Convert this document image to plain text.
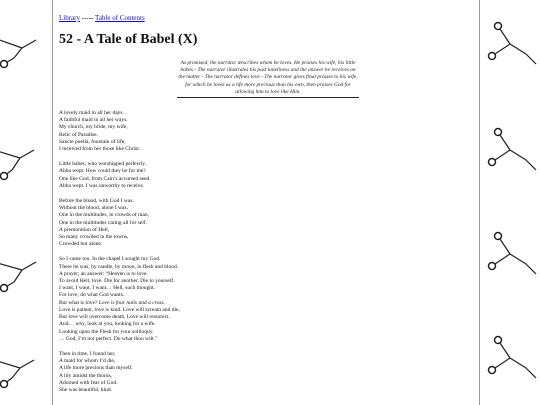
Library ----- Table of Contents
52 - A Tale of Babel (X)
As promised, the narrator describes whom he loves. He praises his wife, his little babes - The narrator illustrates his past loneliness and the answer he receives on the matter - The narrator defines love - The narrator gives final praises to his wife, for which he loves as a life more precious than his own, then praises God for allowing him to love like Him.
A lovely maid in all her days.
A faithful maid in all her ways.
My church, my bride, my wife,
Relic of Paradise.
Sancte puella, fountain of life,
I received from her those like Christ.
Little babes, who worshipped perfectly.
Abba wept. How could they be for me?
One like God, from Cain’s accursed seed.
Abba wept. I was unworthy to receive.
Before the blood, with God I was.
Without the blood, alone I was.
One in the multitudes, in crowds of man,
One in the multitudes caring all for self.
A premonition of Hell,
So many crowded in the towns,
Crowded but alone.
So I came too. In the chapel I sought my God.
There he was, by candle, by moon, in flesh and blood.
A prayer, an answer: “Heaven is to love.
To avoid Hell, love. Die for another. Die to yourself.
I want, I want, I want… Hell, such thought.
For love, do what God wants.
But what is love? Love is four nails and a cross.
Love is patient, love is kind. Love will scream and die,
But love will overcome death. Love will resurrect.
And… why, look at you, looking for a wife.
Looking upon the Flesh for your soliloquy.
… God, I’m not perfect. Do what thou wilt.”
Then in time, I found her,
A maid for whom I’d die,
A life more precious than myself.
A lily amidst the thorns,
Adorned with fear of God.
She was beautiful, kind.
